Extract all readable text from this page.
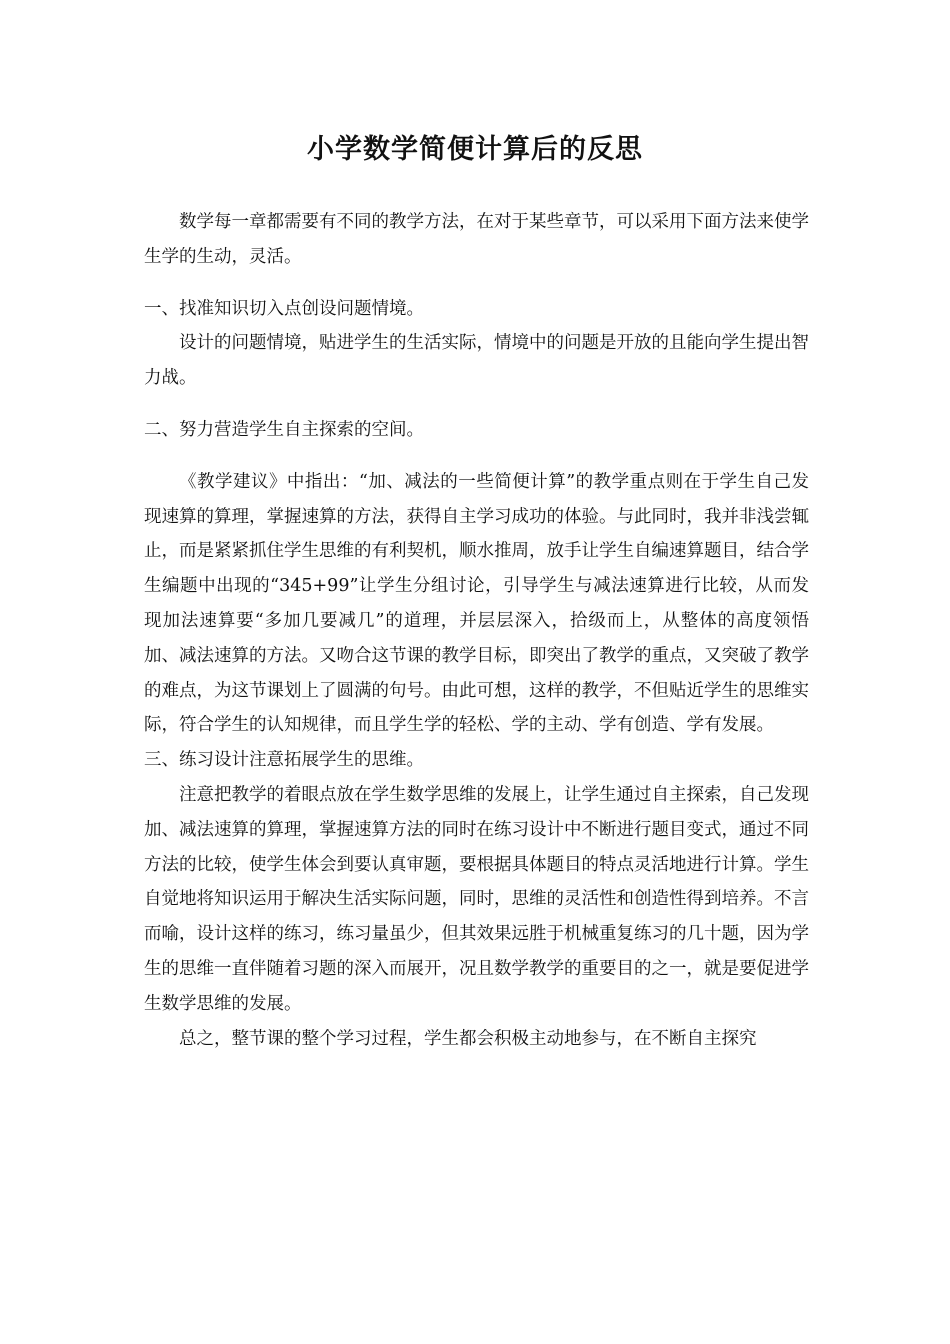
小学数学简便计算后的反思

数学每一章都需要有不同的教学方法，在对于某些章节，可以采用下面方法来使学生学的生动，灵活。

一、找准知识切入点创设问题情境。

设计的问题情境，贴进学生的生活实际，情境中的问题是开放的且能向学生提出智力战。

二、努力营造学生自主探索的空间。

《教学建议》中指出：“加、减法的一些简便计算”的教学重点则在于学生自己发现速算的算理，掌握速算的方法，获得自主学习成功的体验。与此同时，我并非浅尝辄止，而是紧紧抓住学生思维的有利契机，顺水推周，放手让学生自编速算题目，结合学生编题中出现的“345+99”让学生分组讨论，引导学生与减法速算进行比较，从而发现加法速算要“多加几要减几”的道理，并层层深入，拾级而上，从整体的高度领悟加、减法速算的方法。又吻合这节课的教学目标，即突出了教学的重点，又突破了教学的难点，为这节课划上了圆满的句号。由此可想，这样的教学，不但贴近学生的思维实际，符合学生的认知规律，而且学生学的轻松、学的主动、学有创造、学有发展。

三、练习设计注意拓展学生的思维。

注意把教学的着眼点放在学生数学思维的发展上，让学生通过自主探索，自己发现加、减法速算的算理，掌握速算方法的同时在练习设计中不断进行题目变式，通过不同方法的比较，使学生体会到要认真审题，要根据具体题目的特点灵活地进行计算。学生自觉地将知识运用于解决生活实际问题，同时，思维的灵活性和创造性得到培养。不言而喻，设计这样的练习，练习量虽少，但其效果远胜于机械重复练习的几十题，因为学生的思维一直伴随着习题的深入而展开，况且数学教学的重要目的之一，就是要促进学生数学思维的发展。

总之，整节课的整个学习过程，学生都会积极主动地参与，在不断自主探究
